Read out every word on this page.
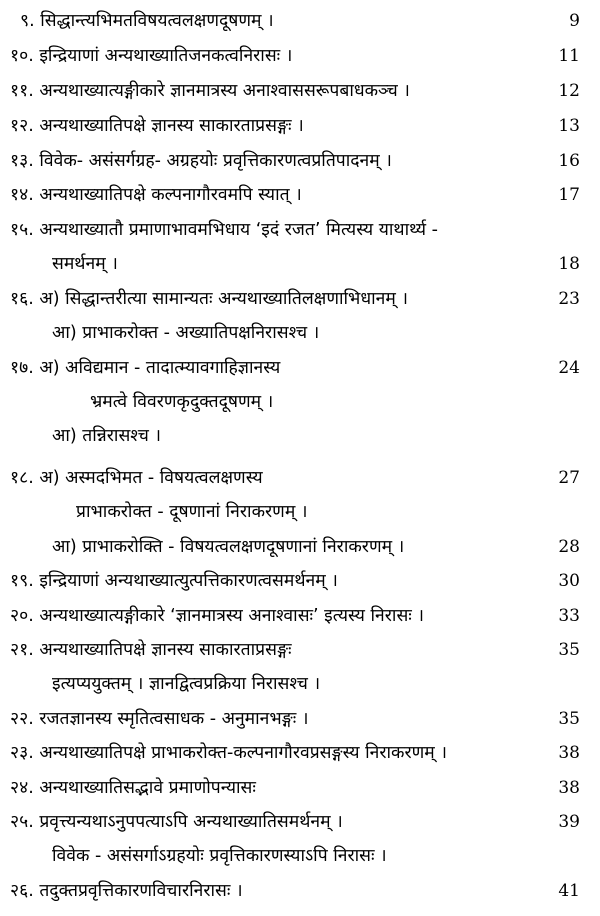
९. सिद्धान्त्यभिमतविषयत्वलक्षणदूषणम् ।	9
१०. इन्द्रियाणां अन्यथाख्यातिजनकत्वनिरासः ।	11
११. अन्यथाख्यात्यङ्गीकारे ज्ञानमात्रस्य अनाश्वाससरूपबाधकञ्च ।	12
१२. अन्यथाख्यातिपक्षे ज्ञानस्य साकारताप्रसङ्गः ।	13
१३. विवेक- असंसर्गग्रह- अग्रहयोः प्रवृत्तिकारणत्वप्रतिपादनम् ।	16
१४. अन्यथाख्यातिपक्षे कल्पनागौरवमपि स्यात् ।	17
१५. अन्यथाख्यातौ प्रमाणाभावमभिधाय ‘इदं रजत’ मित्यस्य याथार्थ्य -
समर्थनम् ।	18
१६. अ) सिद्धान्तरीत्या सामान्यतः अन्यथाख्यातिलक्षणाभिधानम् ।	23
आ) प्राभाकरोक्त - अख्यातिपक्षनिरासश्च ।
१७. अ) अविद्यमान - तादात्म्यावगाहिज्ञानस्य	24
भ्रमत्वे विवरणकृदुक्तदूषणम् ।
आ) तन्निरासश्च ।
१८. अ) अस्मदभिमत - विषयत्वलक्षणस्य	27
प्राभाकरोक्त - दूषणानां निराकरणम् ।
आ) प्राभाकरोक्ति - विषयत्वलक्षणदूषणानां निराकरणम् ।	28
१९. इन्द्रियाणां अन्यथाख्यात्युत्पत्तिकारणत्वसमर्थनम् ।	30
२०. अन्यथाख्यात्यङ्गीकारे ‘ज्ञानमात्रस्य अनाश्वासः’ इत्यस्य निरासः ।	33
२१. अन्यथाख्यातिपक्षे ज्ञानस्य साकारताप्रसङ्गः	35
इत्यप्ययुक्तम् । ज्ञानद्वित्वप्रक्रिया निरासश्च ।
२२. रजतज्ञानस्य स्मृतित्वसाधक - अनुमानभङ्गः ।	35
२३. अन्यथाख्यातिपक्षे प्राभाकरोक्त-कल्पनागौरवप्रसङ्गस्य निराकरणम् ।	38
२४. अन्यथाख्यातिसद्भावे प्रमाणोपन्यासः	38
२५. प्रवृत्त्यन्यथाऽनुपपत्याऽपि अन्यथाख्यातिसमर्थनम् ।	39
विवेक - असंसर्गाऽग्रहयोः प्रवृत्तिकारणस्याऽपि निरासः ।
२६. तदुक्तप्रवृत्तिकारणविचारनिरासः ।	41
